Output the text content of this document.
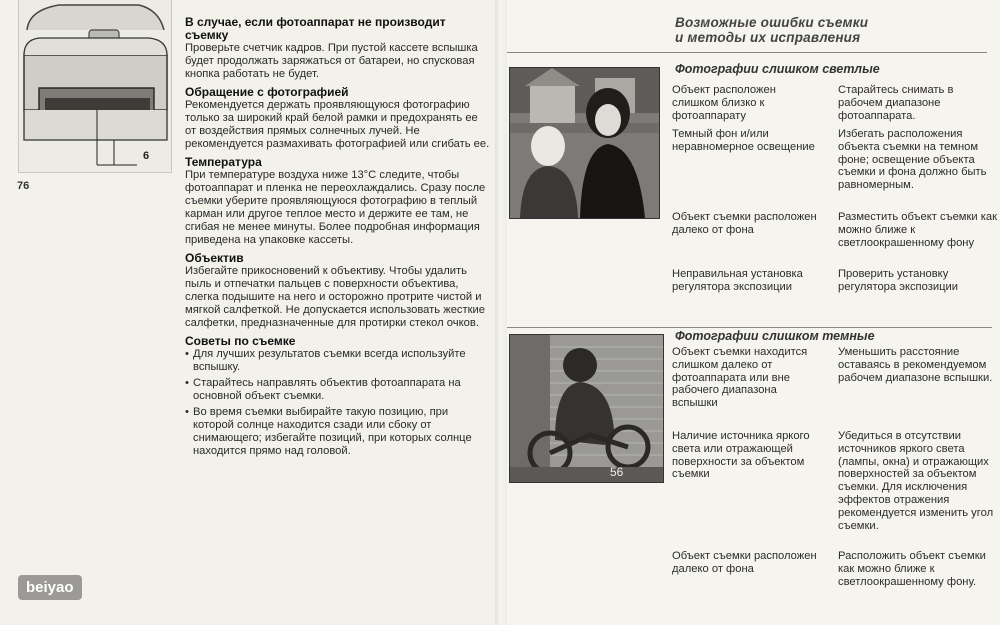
6
76
В случае, если фотоаппарат не производит съемку

Проверьте счетчик кадров. При пустой кассете вспышка будет продолжать заряжаться от батареи, но спусковая кнопка работать не будет.

Обращение с фотографией

Рекомендуется держать проявляющуюся фотографию только за широкий край белой рамки и предохранять ее от воздействия прямых солнечных лучей. Не рекомендуется размахивать фотографией или сгибать ее.

Температура

При температуре воздуха ниже 13°C следите, чтобы фотоаппарат и пленка не переохлаждались. Сразу после съемки уберите проявляющуюся фотографию в теплый карман или другое теплое место и держите ее там, не сгибая не менее минуты. Более подробная информация приведена на упаковке кассеты.

Объектив

Избегайте прикосновений к объективу. Чтобы удалить пыль и отпечатки пальцев с поверхности объектива, слегка подышите на него и осторожно протрите чистой и мягкой салфеткой. Не допускается использовать жесткие салфетки, предназначенные для протирки стекол очков.

Советы по съемке
• Для лучших результатов съемки всегда используйте вспышку.
• Старайтесь направлять объектив фотоаппарата на основной объект съемки.
• Во время съемки выбирайте такую позицию, при которой солнце находится сзади или сбоку от снимающего; избегайте позиций, при которых солнце находится прямо над головой.
beiyao
Возможные ошибки съемки
и методы их исправления
Фотографии слишком светлые
Объект расположен слишком близко к фотоаппарату
Старайтесь снимать в рабочем диапазоне фотоаппарата.
Темный фон и/или неравномерное освещение
Избегать расположения объекта съемки на темном фоне; освещение объекта съемки и фона должно быть равномерным.
Объект съемки расположен далеко от фона
Разместить объект съемки как можно ближе к светлоокрашенному фону
Неправильная установка регулятора экспозиции
Проверить установку регулятора экспозиции
56
Фотографии слишком темные
Объект съемки находится слишком далеко от фотоаппарата или вне рабочего диапазона вспышки
Уменьшить расстояние оставаясь в рекомендуемом рабочем диапазоне вспышки.
Наличие источника яркого света или отражающей поверхности за объектом съемки
Убедиться в отсутствии источников яркого света (лампы, окна) и отражающих поверхностей за объектом съемки. Для исключения эффектов отражения рекомендуется изменить угол съемки.
Объект съемки расположен далеко от фона
Расположить объект съемки как можно ближе к светлоокрашенному фону.
